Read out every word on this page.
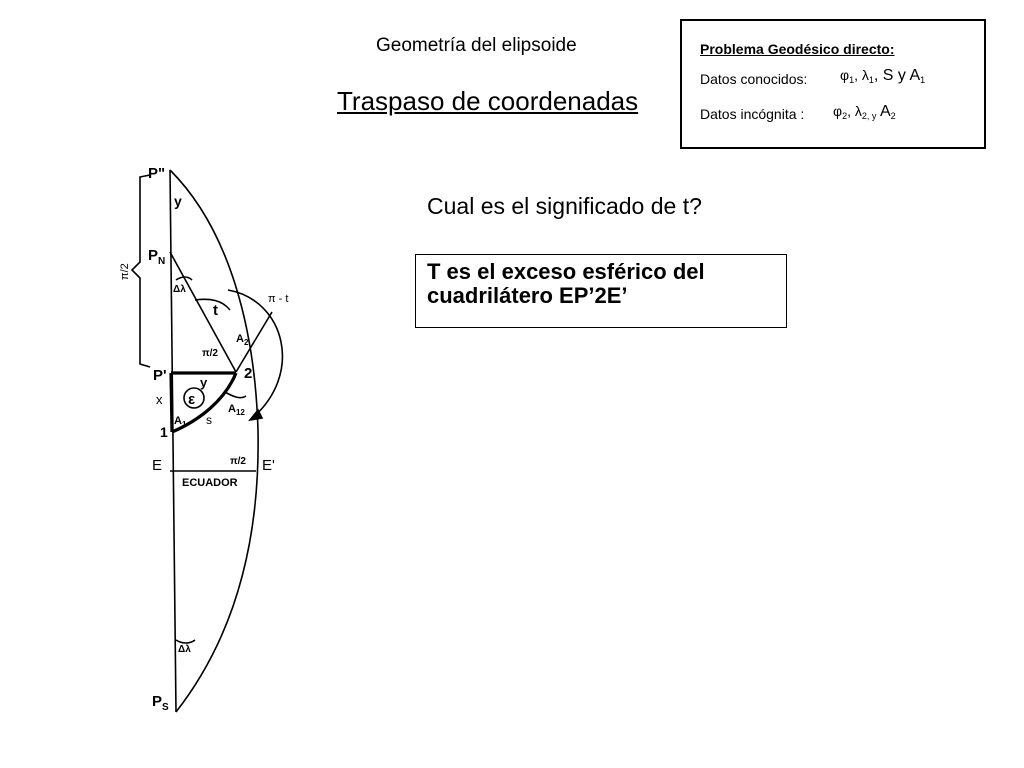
Geometría del elipsoide
Traspaso de coordenadas
Problema Geodésico directo:
Datos conocidos: $\varphi_1$, $\lambda_1$, S y $A_1$
Datos incógnita : $\varphi_2$, $\lambda_{2, y}$ $A_2$
Cual es el significado de t?
T es el exceso esférico del cuadrilátero EP’2E’
P"
y
π/2
$P_N$
Δλ
t
π - t
$A_2$
π/2
P'	2
y
x ε
$A_1$ s
$A_{12}$
1
E	π/2 E'
ECUADOR
Δλ
$P_S$
